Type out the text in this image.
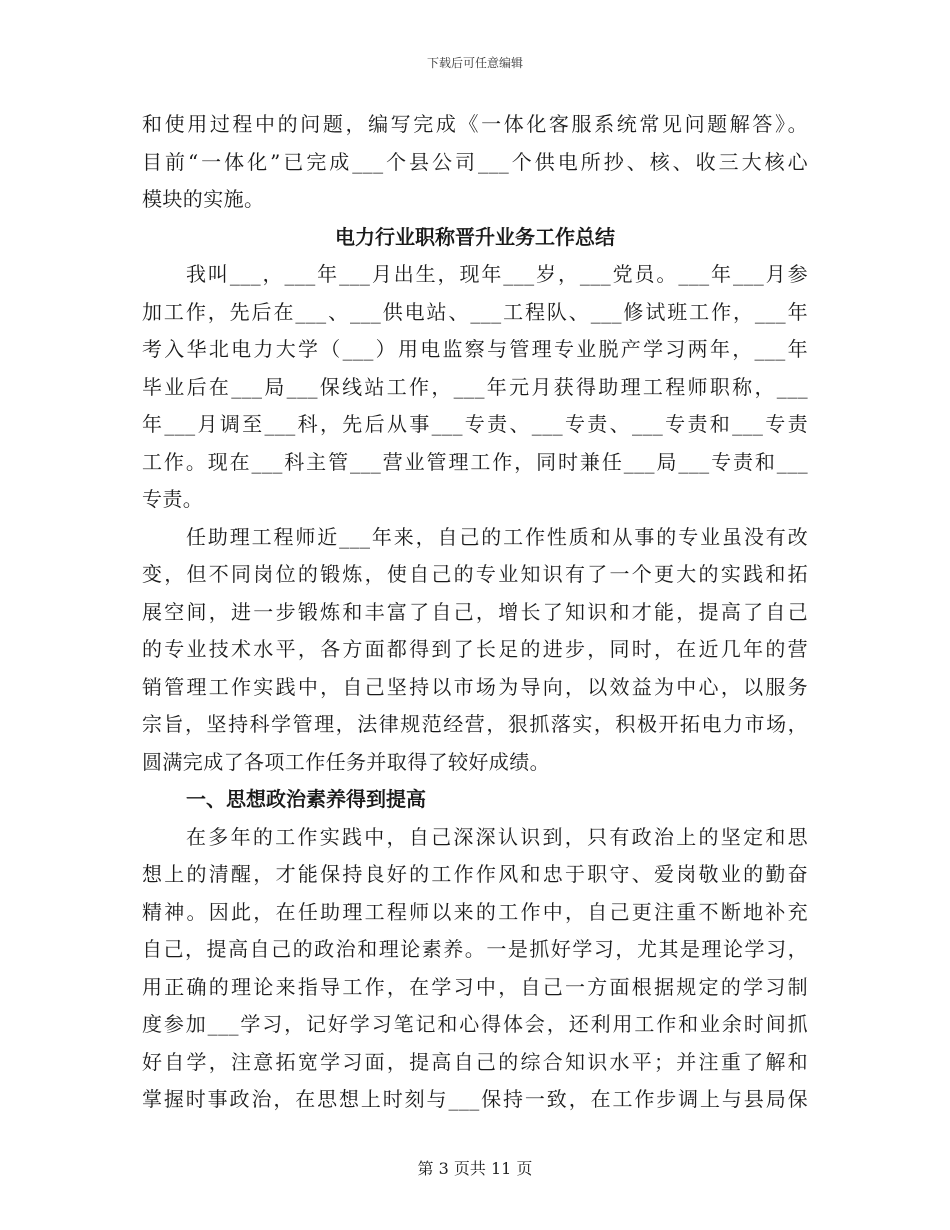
下载后可任意编辑
和使用过程中的问题，编写完成《一体化客服系统常见问题解答》。
目前“一体化”已完成___个县公司___个供电所抄、核、收三大核心
模块的实施。
电力行业职称晋升业务工作总结
我叫___，___年___月出生，现年___岁，___党员。___年___月参
加工作，先后在___、___供电站、___工程队、___修试班工作，___年
考入华北电力大学（___）用电监察与管理专业脱产学习两年，___年
毕业后在___局___保线站工作，___年元月获得助理工程师职称，___
年___月调至___科，先后从事___专责、___专责、___专责和___专责
工作。现在___科主管___营业管理工作，同时兼任___局___专责和___
专责。
任助理工程师近___年来，自己的工作性质和从事的专业虽没有改
变，但不同岗位的锻炼，使自己的专业知识有了一个更大的实践和拓
展空间，进一步锻炼和丰富了自己，增长了知识和才能，提高了自己
的专业技术水平，各方面都得到了长足的进步，同时，在近几年的营
销管理工作实践中，自己坚持以市场为导向，以效益为中心，以服务
宗旨，坚持科学管理，法律规范经营，狠抓落实，积极开拓电力市场，
圆满完成了各项工作任务并取得了较好成绩。
一、思想政治素养得到提高
在多年的工作实践中，自己深深认识到，只有政治上的坚定和思
想上的清醒，才能保持良好的工作作风和忠于职守、爱岗敬业的勤奋
精神。因此，在任助理工程师以来的工作中，自己更注重不断地补充
自己，提高自己的政治和理论素养。一是抓好学习，尤其是理论学习，
用正确的理论来指导工作，在学习中，自己一方面根据规定的学习制
度参加___学习，记好学习笔记和心得体会，还利用工作和业余时间抓
好自学，注意拓宽学习面，提高自己的综合知识水平；并注重了解和
掌握时事政治，在思想上时刻与___保持一致，在工作步调上与县局保
第 3 页共 11 页
